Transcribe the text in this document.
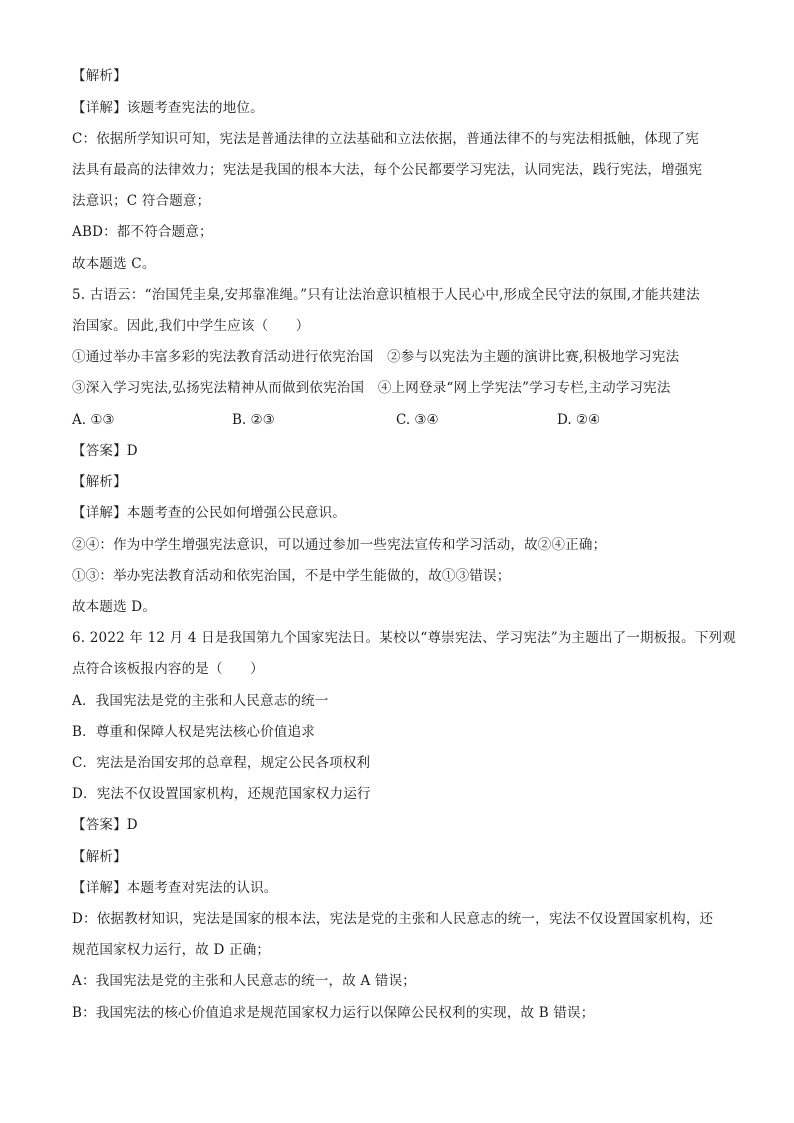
【解析】
【详解】该题考查宪法的地位。
C：依据所学知识可知，宪法是普通法律的立法基础和立法依据，普通法律不的与宪法相抵触，体现了宪
法具有最高的法律效力；宪法是我国的根本大法，每个公民都要学习宪法，认同宪法，践行宪法，增强宪
法意识；C 符合题意；
ABD：都不符合题意；
故本题选 C。
5. 古语云：“治国凭圭臬,安邦靠准绳。”只有让法治意识植根于人民心中,形成全民守法的氛围,才能共建法
治国家。因此,我们中学生应该（　　）
①通过举办丰富多彩的宪法教育活动进行依宪治国　②参与以宪法为主题的演讲比赛,积极地学习宪法
③深入学习宪法,弘扬宪法精神从而做到依宪治国　④上网登录“网上学宪法”学习专栏,主动学习宪法
A. ①③	B. ②③	C. ③④	D. ②④
【答案】D
【解析】
【详解】本题考查的公民如何增强公民意识。
②④：作为中学生增强宪法意识，可以通过参加一些宪法宣传和学习活动，故②④正确；
①③：举办宪法教育活动和依宪治国，不是中学生能做的，故①③错误；
故本题选 D。
6. 2022 年 12 月 4 日是我国第九个国家宪法日。某校以“尊崇宪法、学习宪法”为主题出了一期板报。下列观
点符合该板报内容的是（　　）
A．我国宪法是党的主张和人民意志的统一
B．尊重和保障人权是宪法核心价值追求
C．宪法是治国安邦的总章程，规定公民各项权利
D．宪法不仅设置国家机构，还规范国家权力运行
【答案】D
【解析】
【详解】本题考查对宪法的认识。
D：依据教材知识，宪法是国家的根本法，宪法是党的主张和人民意志的统一，宪法不仅设置国家机构，还
规范国家权力运行，故 D 正确；
A：我国宪法是党的主张和人民意志的统一，故 A 错误；
B：我国宪法的核心价值追求是规范国家权力运行以保障公民权利的实现，故 B 错误；
